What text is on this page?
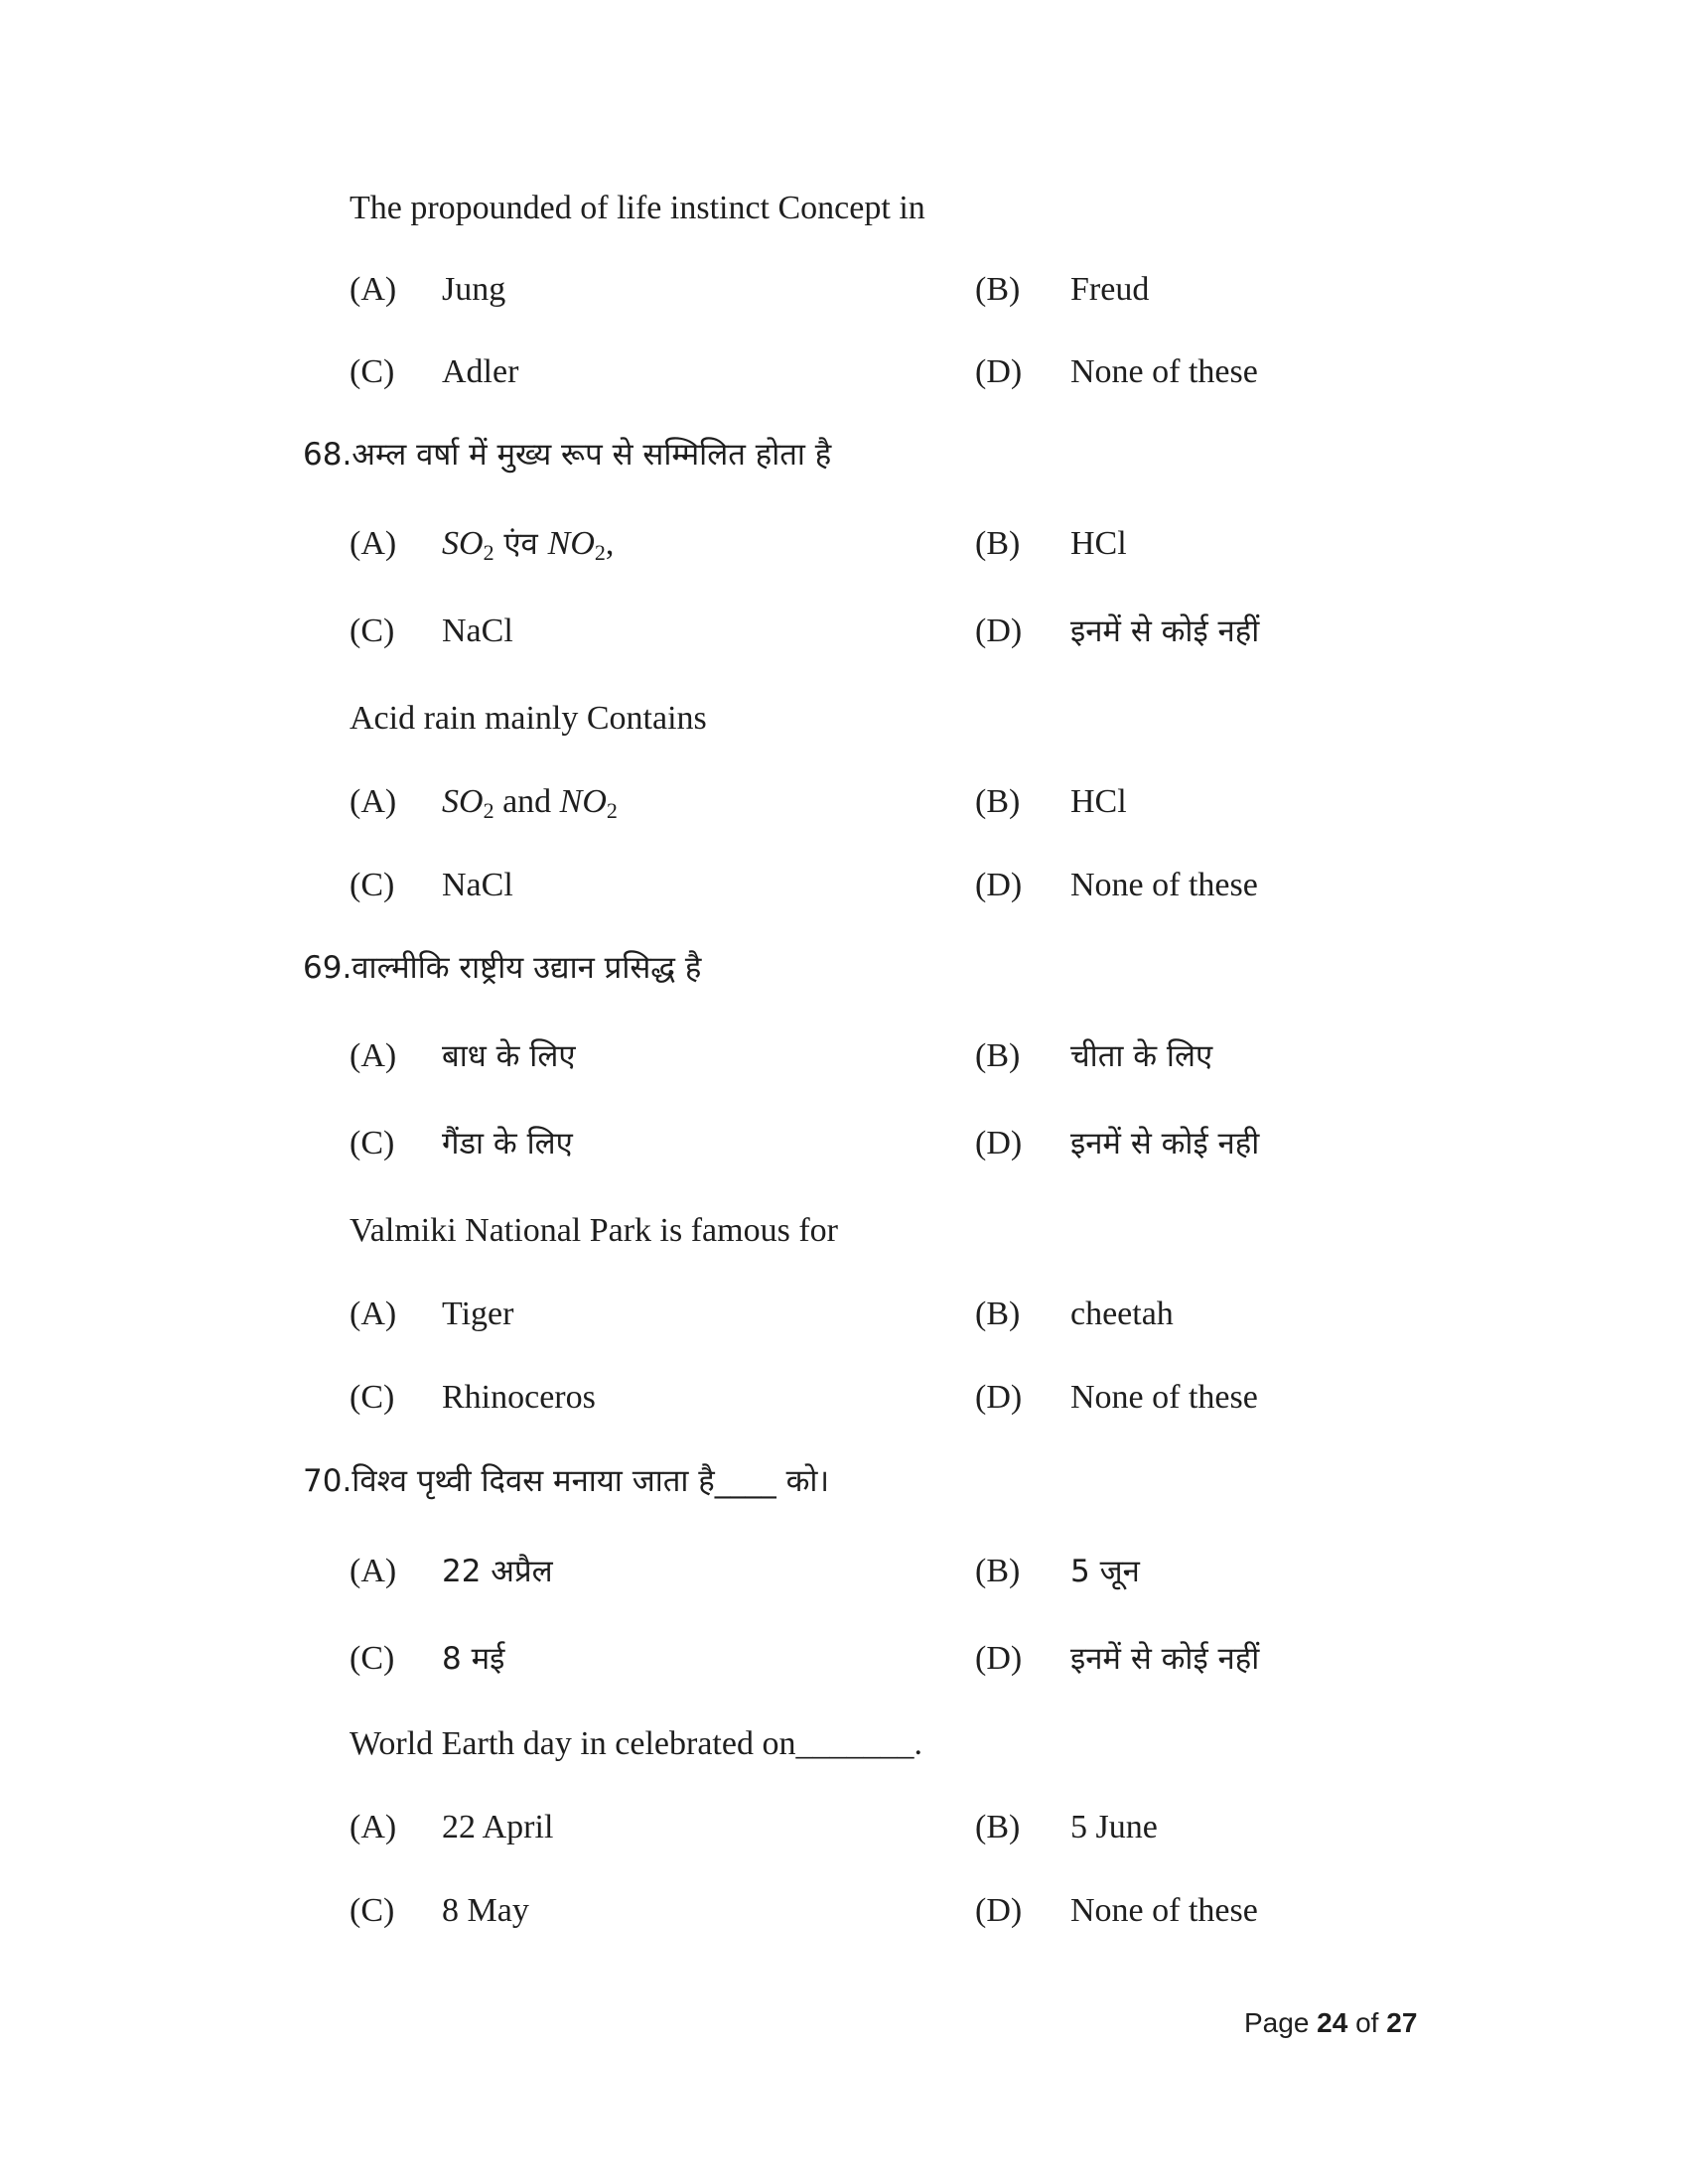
The propounded of life instinct Concept in
(A) Jung	(B) Freud
(C) Adler	(D) None of these
68.अम्ल वर्षा में मुख्य रूप से सम्मिलित होता है
(A) $SO_2$ एंव $NO_2$,	(B) HCl
(C) NaCl	(D) इनमें से कोई नहीं
Acid rain mainly Contains
(A) $SO_2$ and $NO_2$	(B) HCl
(C) NaCl	(D) None of these
69.वाल्मीकि राष्ट्रीय उद्यान प्रसिद्ध है
(A) बाध के लिए	(B) चीता के लिए
(C) गैंडा के लिए	(D) इनमें से कोई नही
Valmiki National Park is famous for
(A) Tiger	(B) cheetah
(C) Rhinoceros	(D) None of these
70.विश्व पृथ्वी दिवस मनाया जाता है____ को।
(A) 22 अप्रैल	(B) 5 जून
(C) 8 मई	(D) इनमें से कोई नहीं
World Earth day in celebrated on_______.
(A) 22 April	(B) 5 June
(C) 8 May	(D) None of these
Page 24 of 27
